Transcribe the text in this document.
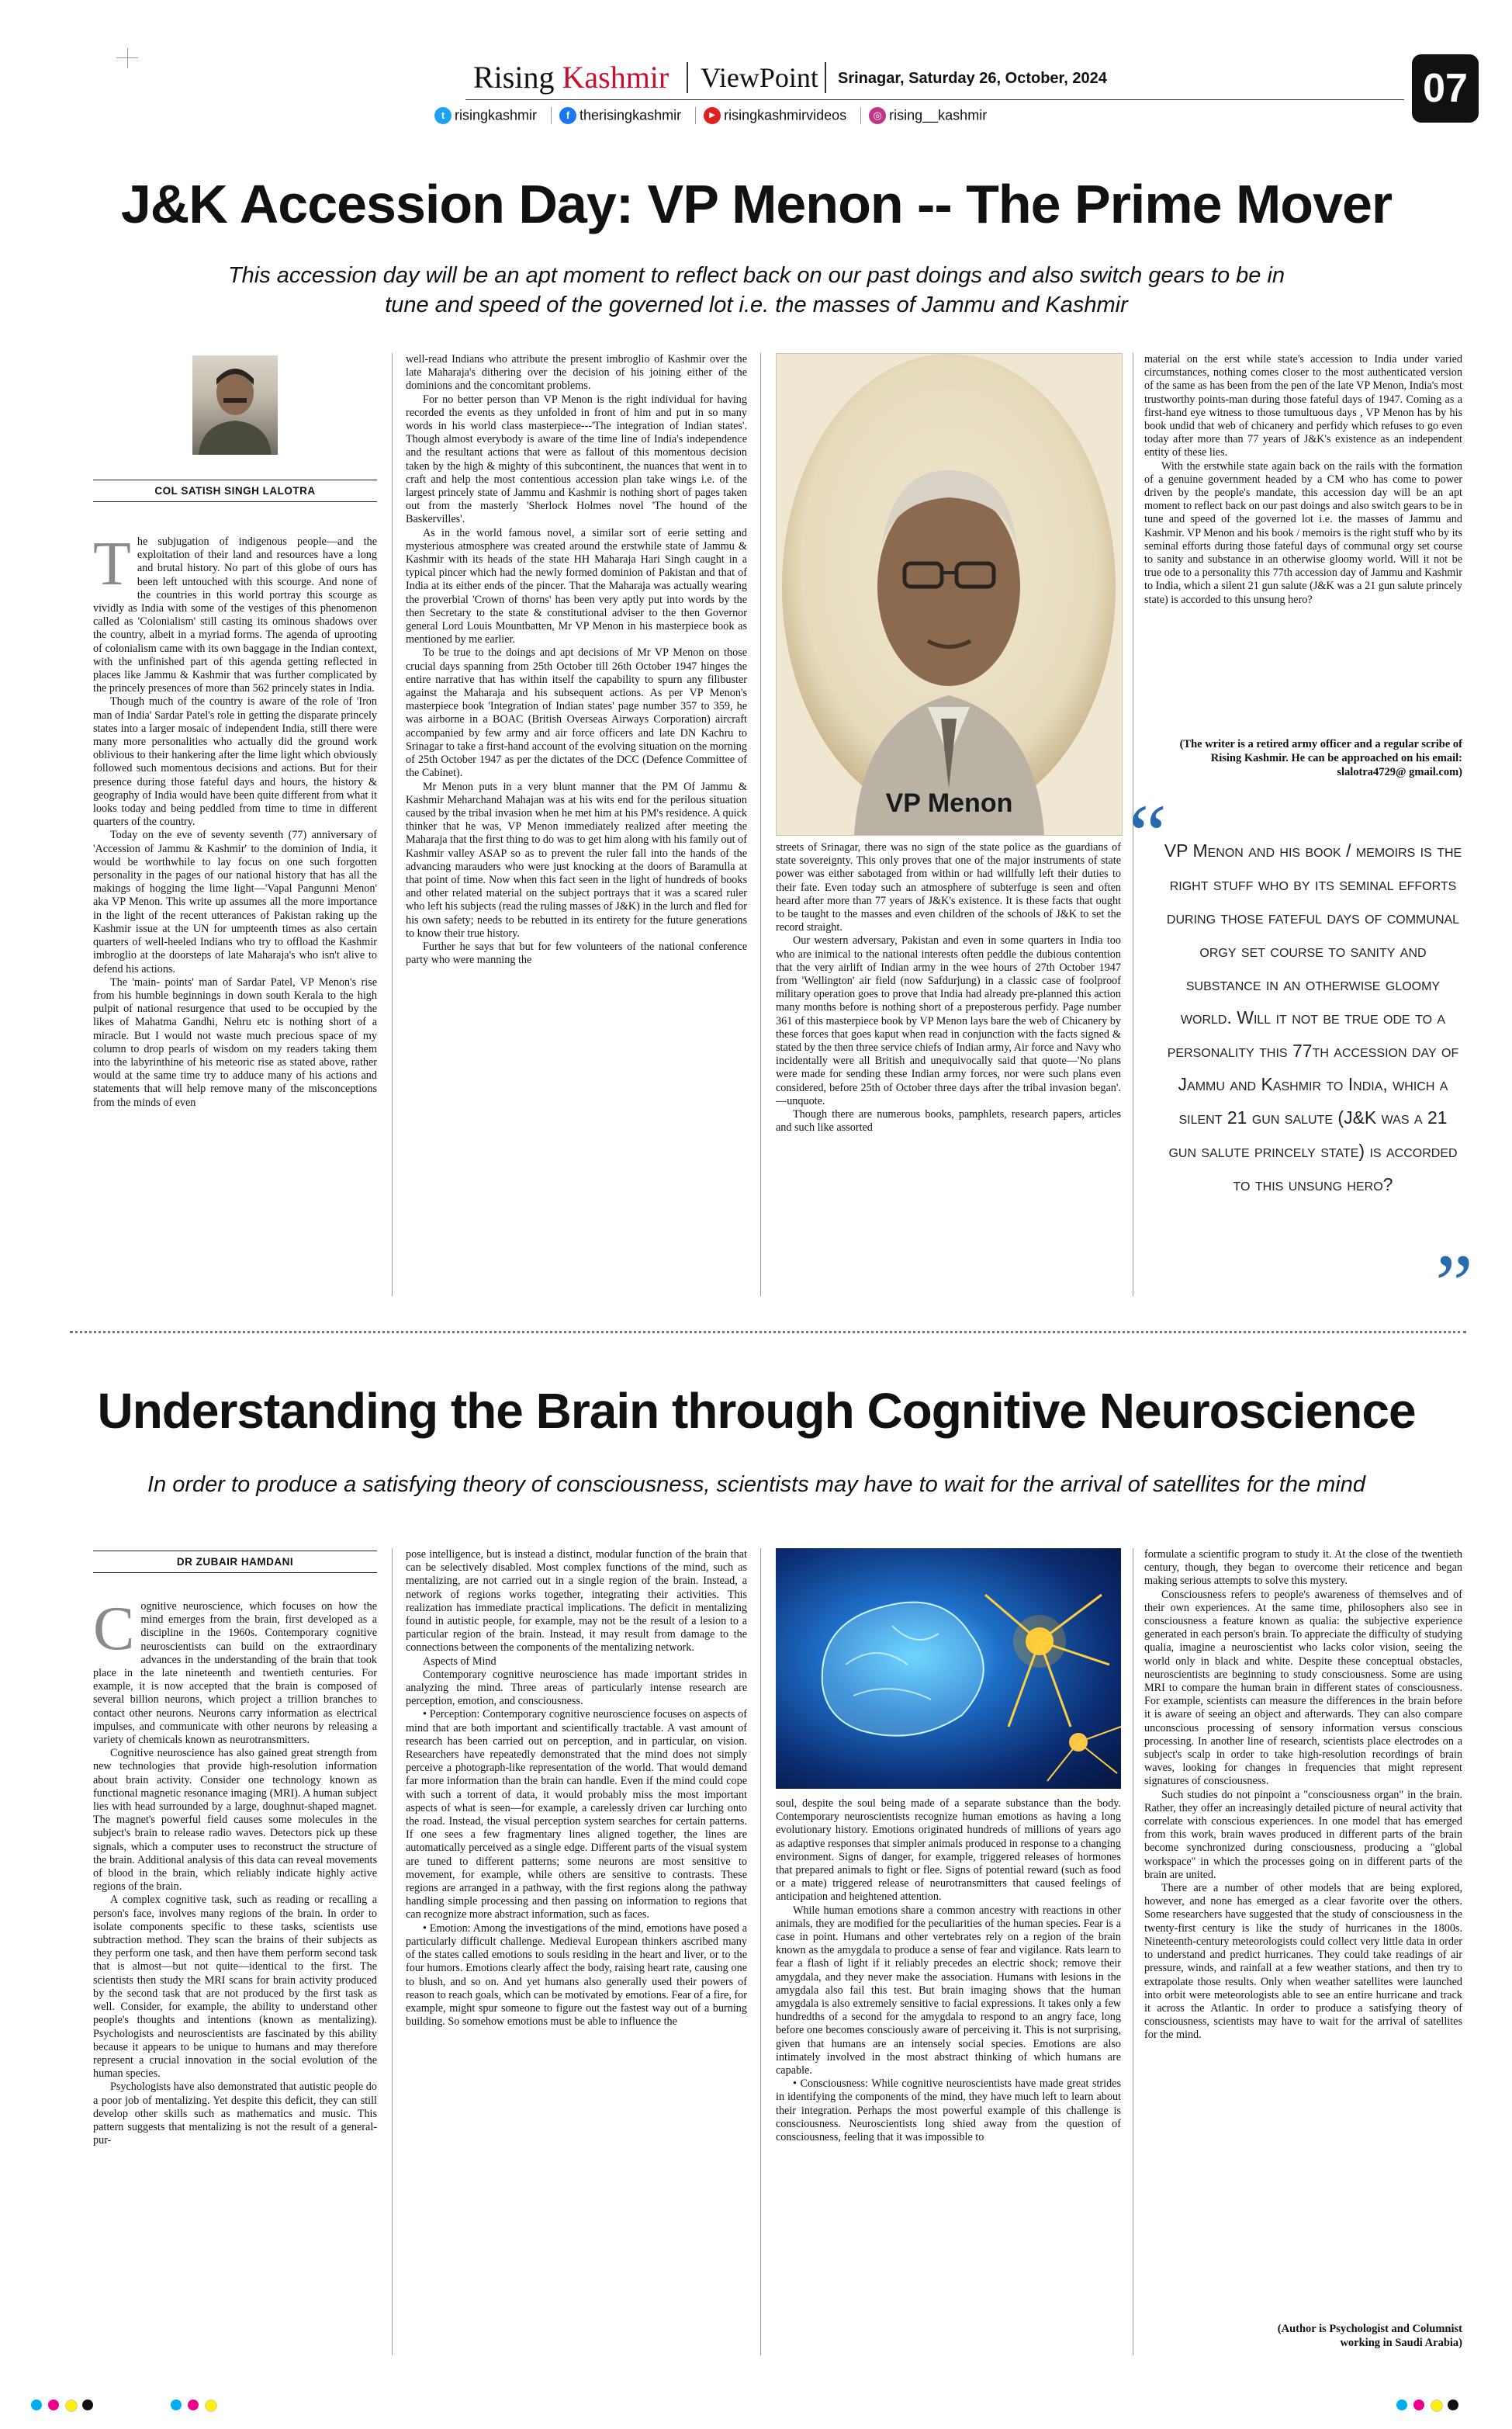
Rising Kashmir ViewPoint Srinagar, Saturday 26, October, 2024	07
t risingkashmir	f therisingkashmir	▶ risingkashmirvideos	◎ rising__kashmir
J&K Accession Day: VP Menon -- The Prime Mover
This accession day will be an apt moment to reflect back on our past doings and also switch gears to be in
tune and speed of the governed lot i.e. the masses of Jammu and Kashmir
COL SATISH SINGH LALOTRA

The subjugation of indigenous people—and the exploitation of their land and resources have a long and brutal history. No part of this globe of ours has been left untouched with this scourge. And none of the countries in this world portray this scourge as vividly as India with some of the vestiges of this phenomenon called as 'Colonialism' still casting its ominous shadows over the country, albeit in a myriad forms. The agenda of uprooting of colonialism came with its own baggage in the Indian context, with the unfinished part of this agenda getting reflected in places like Jammu & Kashmir that was further complicated by the princely presences of more than 562 princely states in India.

Though much of the country is aware of the role of 'Iron man of India' Sardar Patel's role in getting the disparate princely states into a larger mosaic of independent India, still there were many more personalities who actually did the ground work oblivious to their hankering after the lime light which obviously followed such momentous decisions and actions. But for their presence during those fateful days and hours, the history & geography of India would have been quite different from what it looks today and being peddled from time to time in different quarters of the country.

Today on the eve of seventy seventh (77) anniversary of 'Accession of Jammu & Kashmir' to the dominion of India, it would be worthwhile to lay focus on one such forgotten personality in the pages of our national history that has all the makings of hogging the lime light—'Vapal Pangunni Menon' aka VP Menon. This write up assumes all the more importance in the light of the recent utterances of Pakistan raking up the Kashmir issue at the UN for umpteenth times as also certain quarters of well-heeled Indians who try to offload the Kashmir imbroglio at the doorsteps of late Maharaja's who isn't alive to defend his actions.

The 'main- points' man of Sardar Patel, VP Menon's rise from his humble beginnings in down south Kerala to the high pulpit of national resurgence that used to be occupied by the likes of Mahatma Gandhi, Nehru etc is nothing short of a miracle. But I would not waste much precious space of my column to drop pearls of wisdom on my readers taking them into the labyrinthine of his meteoric rise as stated above, rather would at the same time try to adduce many of his actions and statements that will help remove many of the misconceptions from the minds of even

well-read Indians who attribute the present imbroglio of Kashmir over the late Maharaja's dithering over the decision of his joining either of the dominions and the concomitant problems.

For no better person than VP Menon is the right individual for having recorded the events as they unfolded in front of him and put in so many words in his world class masterpiece---'The integration of Indian states'. Though almost everybody is aware of the time line of India's independence and the resultant actions that were as fallout of this momentous decision taken by the high & mighty of this subcontinent, the nuances that went in to craft and help the most contentious accession plan take wings i.e. of the largest princely state of Jammu and Kashmir is nothing short of pages taken out from the masterly 'Sherlock Holmes novel 'The hound of the Baskervilles'.

As in the world famous novel, a similar sort of eerie setting and mysterious atmosphere was created around the erstwhile state of Jammu & Kashmir with its heads of the state HH Maharaja Hari Singh caught in a typical pincer which had the newly formed dominion of Pakistan and that of India at its either ends of the pincer. That the Maharaja was actually wearing the proverbial 'Crown of thorns' has been very aptly put into words by the then Secretary to the state & constitutional adviser to the then Governor general Lord Louis Mountbatten, Mr VP Menon in his masterpiece book as mentioned by me earlier.

To be true to the doings and apt decisions of Mr VP Menon on those crucial days spanning from 25th October till 26th October 1947 hinges the entire narrative that has within itself the capability to spurn any filibuster against the Maharaja and his subsequent actions. As per VP Menon's masterpiece book 'Integration of Indian states' page number 357 to 359, he was airborne in a BOAC (British Overseas Airways Corporation) aircraft accompanied by few army and air force officers and late DN Kachru to Srinagar to take a first-hand account of the evolving situation on the morning of 25th October 1947 as per the dictates of the DCC (Defence Committee of the Cabinet).

Mr Menon puts in a very blunt manner that the PM Of Jammu & Kashmir Meharchand Mahajan was at his wits end for the perilous situation caused by the tribal invasion when he met him at his PM's residence. A quick thinker that he was, VP Menon immediately realized after meeting the Maharaja that the first thing to do was to get him along with his family out of Kashmir valley ASAP so as to prevent the ruler fall into the hands of the advancing marauders who were just knocking at the doors of Baramulla at that point of time. Now when this fact seen in the light of hundreds of books and other related material on the subject portrays that it was a scared ruler who left his subjects (read the ruling masses of J&K) in the lurch and fled for his own safety; needs to be rebutted in its entirety for the future generations to know their true history.

Further he says that but for few volunteers of the national conference party who were manning the

VP Menon

streets of Srinagar, there was no sign of the state police as the guardians of state sovereignty. This only proves that one of the major instruments of state power was either sabotaged from within or had willfully left their duties to their fate. Even today such an atmosphere of subterfuge is seen and often heard after more than 77 years of J&K's existence. It is these facts that ought to be taught to the masses and even children of the schools of J&K to set the record straight.

Our western adversary, Pakistan and even in some quarters in India too who are inimical to the national interests often peddle the dubious contention that the very airlift of Indian army in the wee hours of 27th October 1947 from 'Wellington' air field (now Safdurjung) in a classic case of foolproof military operation goes to prove that India had already pre-planned this action many months before is nothing short of a preposterous perfidy. Page number 361 of this masterpiece book by VP Menon lays bare the web of Chicanery by these forces that goes kaput when read in conjunction with the facts signed & stated by the then three service chiefs of Indian army, Air force and Navy who incidentally were all British and unequivocally said that quote—'No plans were made for sending these Indian army forces, nor were such plans even considered, before 25th of October three days after the tribal invasion began'.—unquote.

Though there are numerous books, pamphlets, research papers, articles and such like assorted

material on the erst while state's accession to India under varied circumstances, nothing comes closer to the most authenticated version of the same as has been from the pen of the late VP Menon, India's most trustworthy points-man during those fateful days of 1947. Coming as a first-hand eye witness to those tumultuous days , VP Menon has by his book undid that web of chicanery and perfidy which refuses to go even today after more than 77 years of J&K's existence as an independent entity of these lies.

With the erstwhile state again back on the rails with the formation of a genuine government headed by a CM who has come to power driven by the people's mandate, this accession day will be an apt moment to reflect back on our past doings and also switch gears to be in tune and speed of the governed lot i.e. the masses of Jammu and Kashmir. VP Menon and his book / memoirs is the right stuff who by its seminal efforts during those fateful days of communal orgy set course to sanity and substance in an otherwise gloomy world. Will it not be true ode to a personality this 77th accession day of Jammu and Kashmir to India, which a silent 21 gun salute (J&K was a 21 gun salute princely state) is accorded to this unsung hero?

(The writer is a retired army officer and a regular scribe of Rising Kashmir. He can be approached on his email: slalotra4729@ gmail.com)
“
VP Menon and his book / memoirs is the right stuff who by its seminal efforts during those fateful days of communal orgy set course to sanity and substance in an otherwise gloomy world. Will it not be true ode to a personality this 77th accession day of Jammu and Kashmir to India, which a silent 21 gun salute (J&K was a 21 gun salute princely state) is accorded to this unsung hero?
”
Understanding the Brain through Cognitive Neuroscience
In order to produce a satisfying theory of consciousness, scientists may have to wait for the arrival of satellites for the mind
DR ZUBAIR HAMDANI

Cognitive neuroscience, which focuses on how the mind emerges from the brain, first developed as a discipline in the 1960s. Contemporary cognitive neuroscientists can build on the extraordinary advances in the understanding of the brain that took place in the late nineteenth and twentieth centuries. For example, it is now accepted that the brain is composed of several billion neurons, which project a trillion branches to contact other neurons. Neurons carry information as electrical impulses, and communicate with other neurons by releasing a variety of chemicals known as neurotransmitters.

Cognitive neuroscience has also gained great strength from new technologies that provide high-resolution information about brain activity. Consider one technology known as functional magnetic resonance imaging (MRI). A human subject lies with head surrounded by a large, doughnut-shaped magnet. The magnet's powerful field causes some molecules in the subject's brain to release radio waves. Detectors pick up these signals, which a computer uses to reconstruct the structure of the brain. Additional analysis of this data can reveal movements of blood in the brain, which reliably indicate highly active regions of the brain.

A complex cognitive task, such as reading or recalling a person's face, involves many regions of the brain. In order to isolate components specific to these tasks, scientists use subtraction method. They scan the brains of their subjects as they perform one task, and then have them perform second task that is almost—but not quite—identical to the first. The scientists then study the MRI scans for brain activity produced by the second task that are not produced by the first task as well. Consider, for example, the ability to understand other people's thoughts and intentions (known as mentalizing). Psychologists and neuroscientists are fascinated by this ability because it appears to be unique to humans and may therefore represent a crucial innovation in the social evolution of the human species.

Psychologists have also demonstrated that autistic people do a poor job of mentalizing. Yet despite this deficit, they can still develop other skills such as mathematics and music. This pattern suggests that mentalizing is not the result of a general-pur-

pose intelligence, but is instead a distinct, modular function of the brain that can be selectively disabled. Most complex functions of the mind, such as mentalizing, are not carried out in a single region of the brain. Instead, a network of regions works together, integrating their activities. This realization has immediate practical implications. The deficit in mentalizing found in autistic people, for example, may not be the result of a lesion to a particular region of the brain. Instead, it may result from damage to the connections between the components of the mentalizing network.

Aspects of Mind

Contemporary cognitive neuroscience has made important strides in analyzing the mind. Three areas of particularly intense research are perception, emotion, and consciousness.

• Perception: Contemporary cognitive neuroscience focuses on aspects of mind that are both important and scientifically tractable. A vast amount of research has been carried out on perception, and in particular, on vision. Researchers have repeatedly demonstrated that the mind does not simply perceive a photograph-like representation of the world. That would demand far more information than the brain can handle. Even if the mind could cope with such a torrent of data, it would probably miss the most important aspects of what is seen—for example, a carelessly driven car lurching onto the road. Instead, the visual perception system searches for certain patterns. If one sees a few fragmentary lines aligned together, the lines are automatically perceived as a single edge. Different parts of the visual system are tuned to different patterns; some neurons are most sensitive to movement, for example, while others are sensitive to contrasts. These regions are arranged in a pathway, with the first regions along the pathway handling simple processing and then passing on information to regions that can recognize more abstract information, such as faces.

• Emotion: Among the investigations of the mind, emotions have posed a particularly difficult challenge. Medieval European thinkers ascribed many of the states called emotions to souls residing in the heart and liver, or to the four humors. Emotions clearly affect the body, raising heart rate, causing one to blush, and so on. And yet humans also generally used their powers of reason to reach goals, which can be motivated by emotions. Fear of a fire, for example, might spur someone to figure out the fastest way out of a burning building. So somehow emotions must be able to influence the

soul, despite the soul being made of a separate substance than the body. Contemporary neuroscientists recognize human emotions as having a long evolutionary history. Emotions originated hundreds of millions of years ago as adaptive responses that simpler animals produced in response to a changing environment. Signs of danger, for example, triggered releases of hormones that prepared animals to fight or flee. Signs of potential reward (such as food or a mate) triggered release of neurotransmitters that caused feelings of anticipation and heightened attention.

While human emotions share a common ancestry with reactions in other animals, they are modified for the peculiarities of the human species. Fear is a case in point. Humans and other vertebrates rely on a region of the brain known as the amygdala to produce a sense of fear and vigilance. Rats learn to fear a flash of light if it reliably precedes an electric shock; remove their amygdala, and they never make the association. Humans with lesions in the amygdala also fail this test. But brain imaging shows that the human amygdala is also extremely sensitive to facial expressions. It takes only a few hundredths of a second for the amygdala to respond to an angry face, long before one becomes consciously aware of perceiving it. This is not surprising, given that humans are an intensely social species. Emotions are also intimately involved in the most abstract thinking of which humans are capable.

• Consciousness: While cognitive neuroscientists have made great strides in identifying the components of the mind, they have much left to learn about their integration. Perhaps the most powerful example of this challenge is consciousness. Neuroscientists long shied away from the question of consciousness, feeling that it was impossible to

formulate a scientific program to study it. At the close of the twentieth century, though, they began to overcome their reticence and began making serious attempts to solve this mystery.

Consciousness refers to people's awareness of themselves and of their own experiences. At the same time, philosophers also see in consciousness a feature known as qualia: the subjective experience generated in each person's brain. To appreciate the difficulty of studying qualia, imagine a neuroscientist who lacks color vision, seeing the world only in black and white. Despite these conceptual obstacles, neuroscientists are beginning to study consciousness. Some are using MRI to compare the human brain in different states of consciousness. For example, scientists can measure the differences in the brain before it is aware of seeing an object and afterwards. They can also compare unconscious processing of sensory information versus conscious processing. In another line of research, scientists place electrodes on a subject's scalp in order to take high-resolution recordings of brain waves, looking for changes in frequencies that might represent signatures of consciousness.

Such studies do not pinpoint a "consciousness organ" in the brain. Rather, they offer an increasingly detailed picture of neural activity that correlate with conscious experiences. In one model that has emerged from this work, brain waves produced in different parts of the brain become synchronized during consciousness, producing a "global workspace" in which the processes going on in different parts of the brain are united.

There are a number of other models that are being explored, however, and none has emerged as a clear favorite over the others. Some researchers have suggested that the study of consciousness in the twenty-first century is like the study of hurricanes in the 1800s. Nineteenth-century meteorologists could collect very little data in order to understand and predict hurricanes. They could take readings of air pressure, winds, and rainfall at a few weather stations, and then try to extrapolate those results. Only when weather satellites were launched into orbit were meteorologists able to see an entire hurricane and track it across the Atlantic. In order to produce a satisfying theory of consciousness, scientists may have to wait for the arrival of satellites for the mind.

(Author is Psychologist and Columnist
working in Saudi Arabia)
